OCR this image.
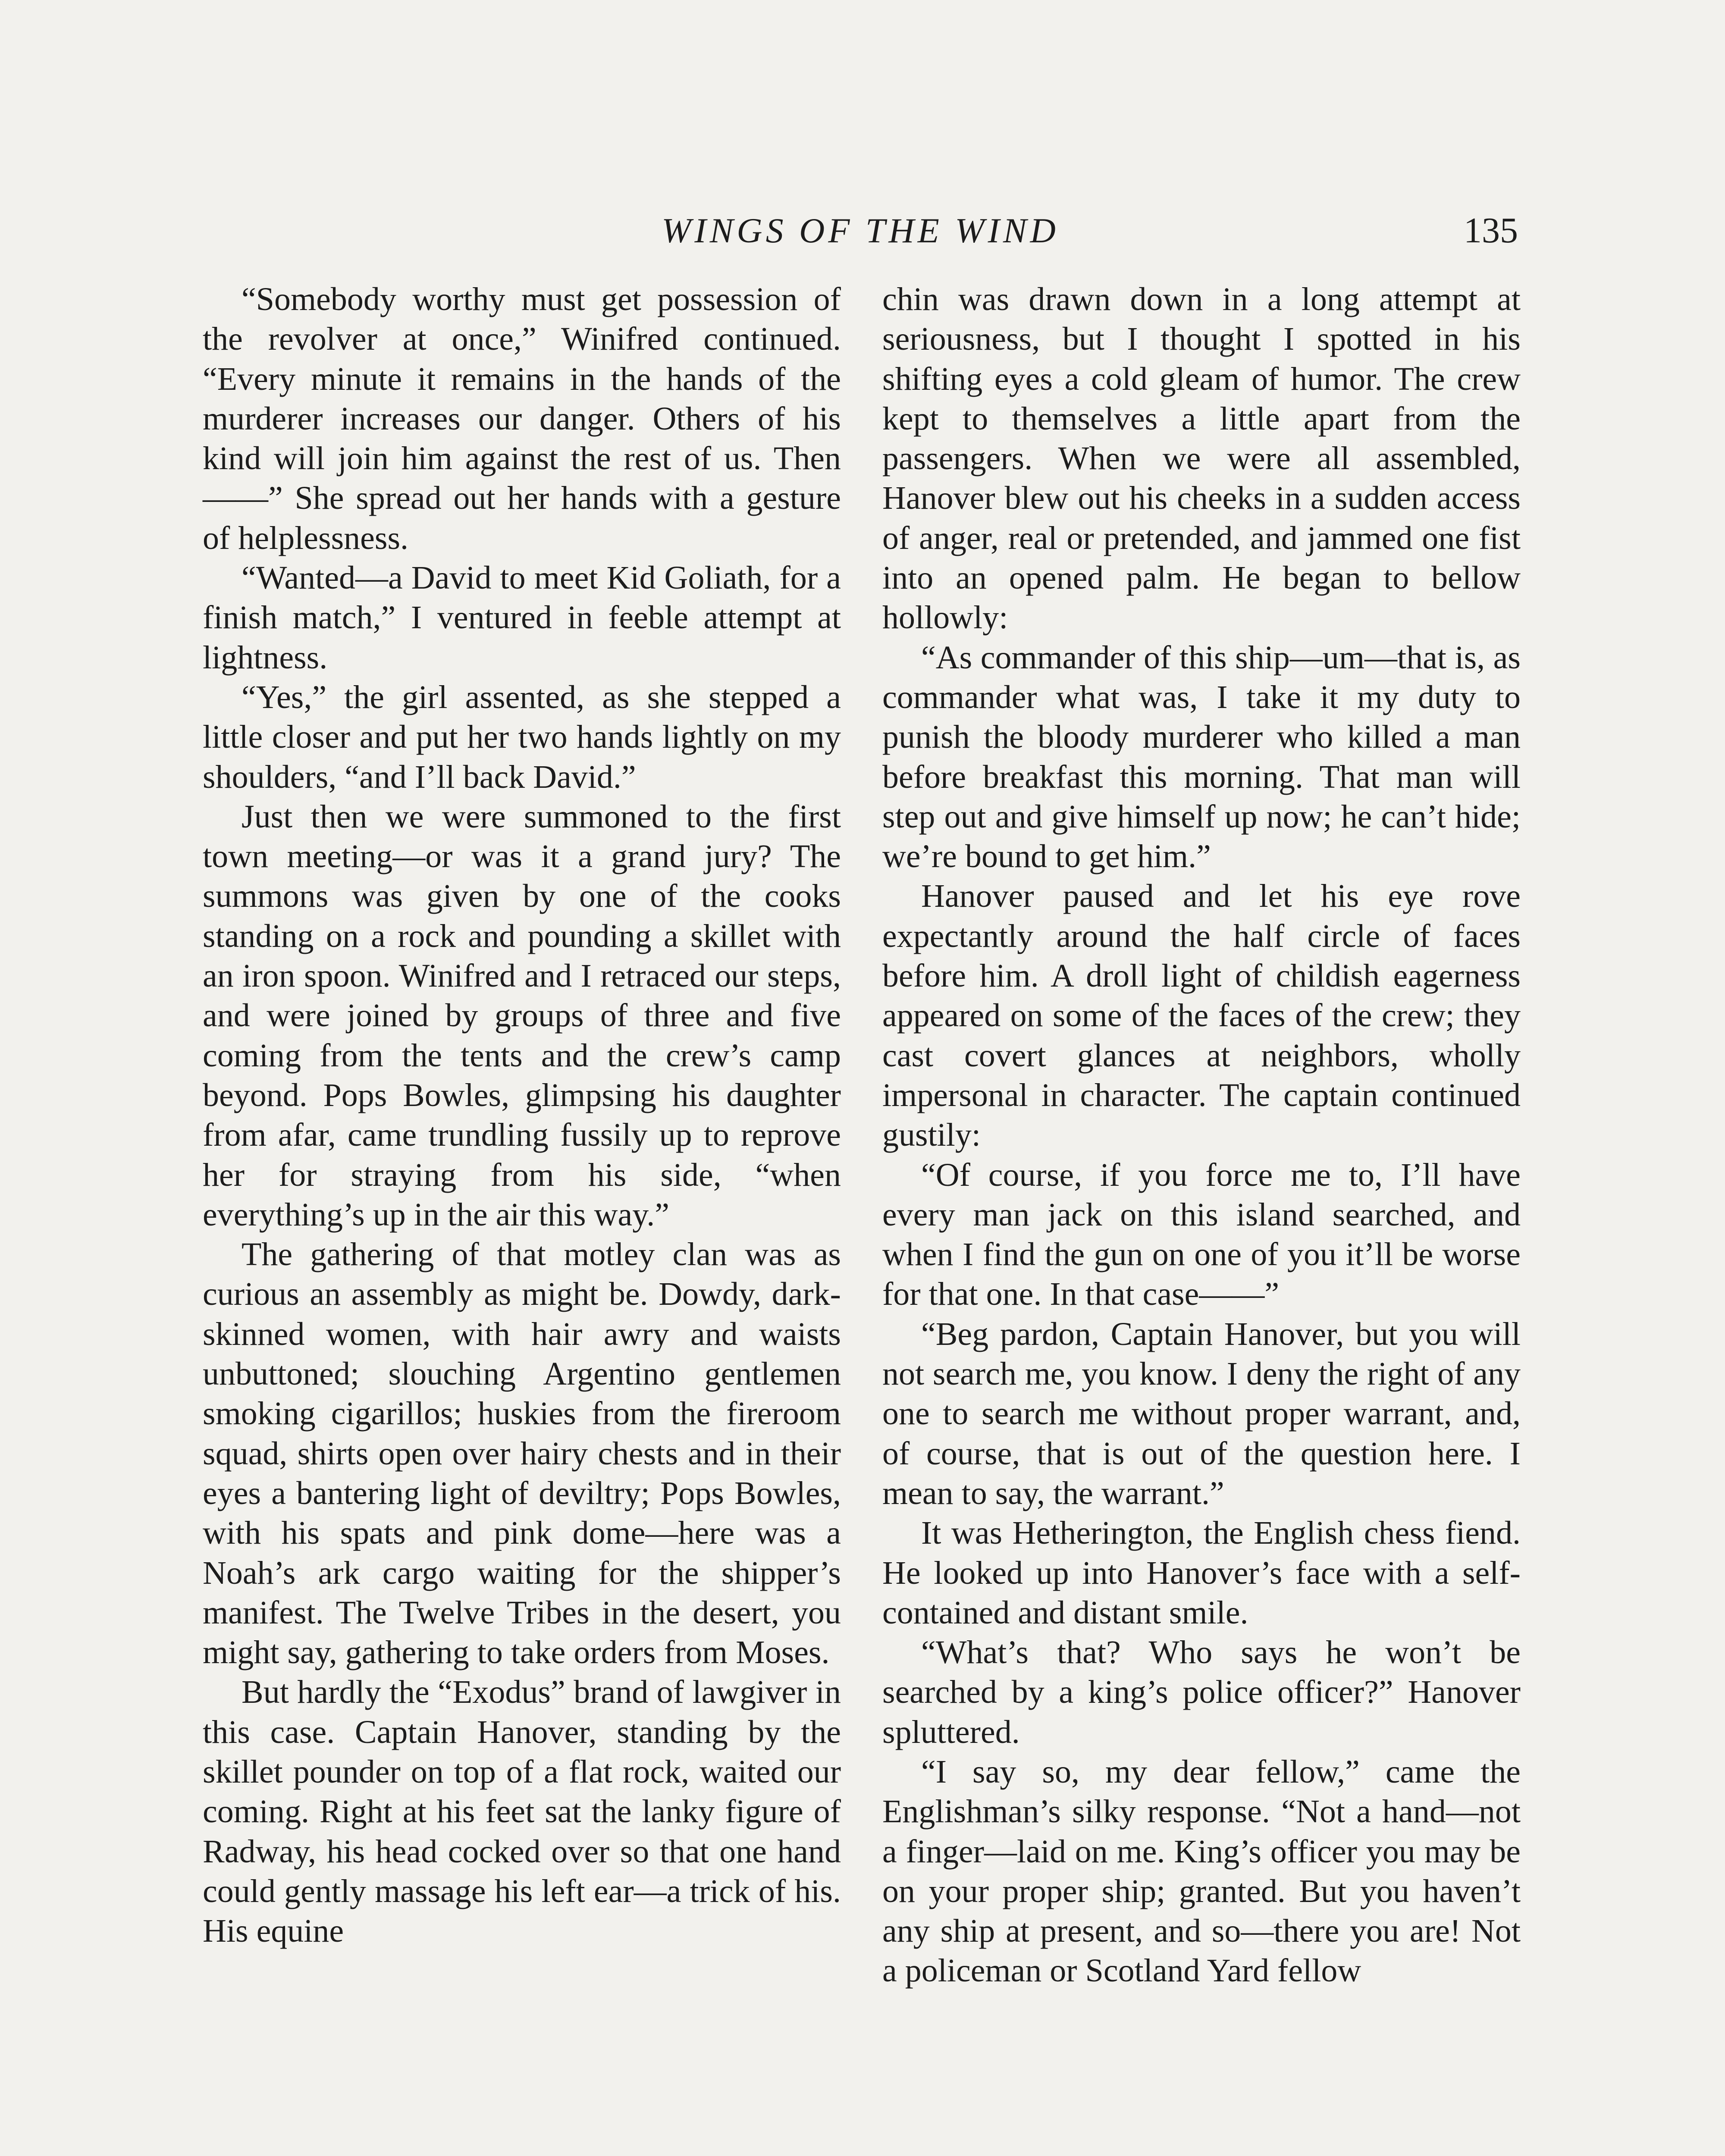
WINGS OF THE WIND	135

“Somebody worthy must get possession of the revolver at once,” Winifred continued. “Every minute it remains in the hands of the murderer increases our danger. Others of his kind will join him against the rest of us. Then ——” She spread out her hands with a gesture of helplessness.

“Wanted—a David to meet Kid Goliath, for a finish match,” I ventured in feeble attempt at lightness.

“Yes,” the girl assented, as she stepped a little closer and put her two hands lightly on my shoulders, “and I’ll back David.”

Just then we were summoned to the first town meeting—or was it a grand jury? The summons was given by one of the cooks standing on a rock and pounding a skillet with an iron spoon. Winifred and I retraced our steps, and were joined by groups of three and five coming from the tents and the crew’s camp beyond. Pops Bowles, glimpsing his daughter from afar, came trundling fussily up to reprove her for straying from his side, “when everything’s up in the air this way.”

The gathering of that motley clan was as curious an assembly as might be. Dowdy, dark-skinned women, with hair awry and waists unbuttoned; slouching Argentino gentlemen smoking cigarillos; huskies from the fireroom squad, shirts open over hairy chests and in their eyes a bantering light of deviltry; Pops Bowles, with his spats and pink dome—here was a Noah’s ark cargo waiting for the shipper’s manifest. The Twelve Tribes in the desert, you might say, gathering to take orders from Moses.

But hardly the “Exodus” brand of lawgiver in this case. Captain Hanover, standing by the skillet pounder on top of a flat rock, waited our coming. Right at his feet sat the lanky figure of Radway, his head cocked over so that one hand could gently massage his left ear—a trick of his. His equine

chin was drawn down in a long attempt at seriousness, but I thought I spotted in his shifting eyes a cold gleam of humor. The crew kept to themselves a little apart from the passengers. When we were all assembled, Hanover blew out his cheeks in a sudden access of anger, real or pretended, and jammed one fist into an opened palm. He began to bellow hollowly:

“As commander of this ship—um—that is, as commander what was, I take it my duty to punish the bloody murderer who killed a man before breakfast this morning. That man will step out and give himself up now; he can’t hide; we’re bound to get him.”

Hanover paused and let his eye rove expectantly around the half circle of faces before him. A droll light of childish eagerness appeared on some of the faces of the crew; they cast covert glances at neighbors, wholly impersonal in character. The captain continued gustily:

“Of course, if you force me to, I’ll have every man jack on this island searched, and when I find the gun on one of you it’ll be worse for that one. In that case——”

“Beg pardon, Captain Hanover, but you will not search me, you know. I deny the right of any one to search me without proper warrant, and, of course, that is out of the question here. I mean to say, the warrant.”

It was Hetherington, the English chess fiend. He looked up into Hanover’s face with a self-contained and distant smile.

“What’s that? Who says he won’t be searched by a king’s police officer?” Hanover spluttered.

“I say so, my dear fellow,” came the Englishman’s silky response. “Not a hand—not a finger—laid on me. King’s officer you may be on your proper ship; granted. But you haven’t any ship at present, and so—there you are! Not a policeman or Scotland Yard fellow
